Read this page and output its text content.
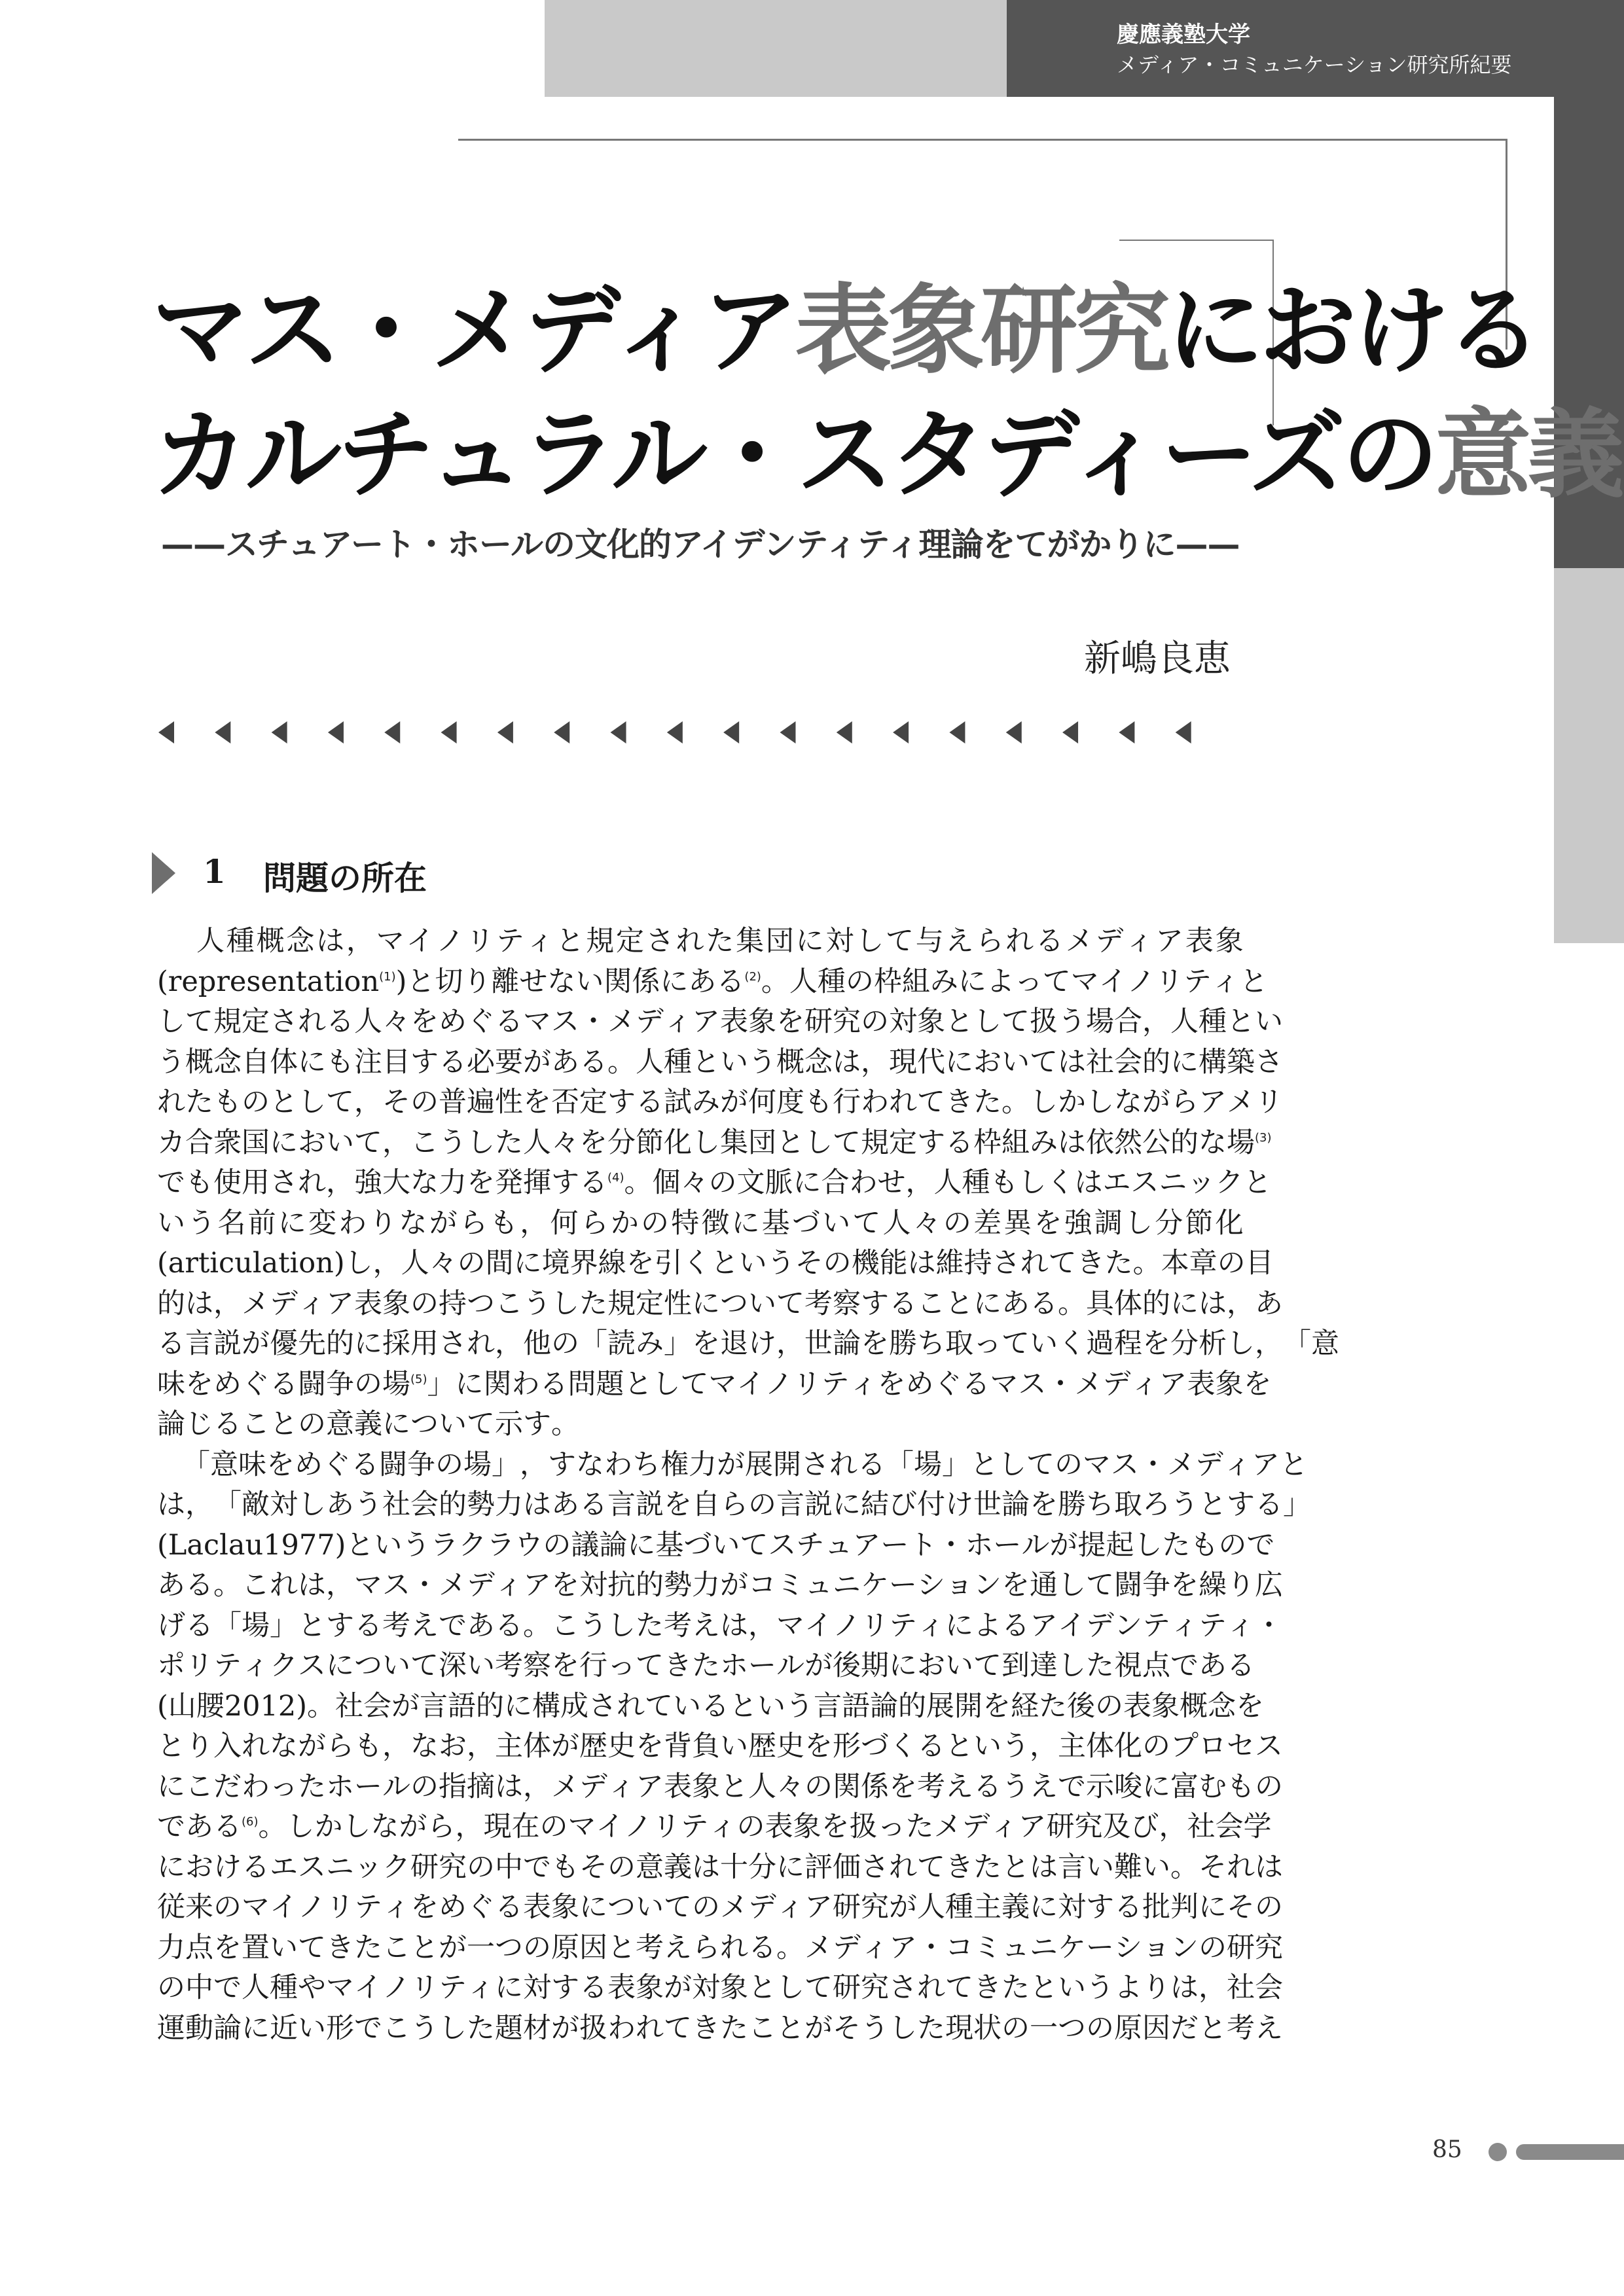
慶應義塾大学
メディア・コミュニケーション研究所紀要
マス・メディア表象研究における
カルチュラル・スタディーズの意義
——スチュアート・ホールの文化的アイデンティティ理論をてがかりに——
新嶋良恵
1 問題の所在
人 種 概 念 は ， マ イ ノ リ テ ィ と 規 定 さ れ た 集 団 に 対 し て 与 え ら れ る メ デ ィ ア 表 象
( r e p r e s e n t a t i o $n^{(1)}$ ) と 切 り 離 せ な い 関 係 に あ る$^{(2)}$ 。 人 種 の 枠 組 み に よ っ て マ イ ノ リ テ ィ と
し て 規 定 さ れ る 人 々 を め ぐ る マ ス ・ メ デ ィ ア 表 象 を 研 究 の 対 象 と し て 扱 う 場 合 ， 人 種 と い
う 概 念 自 体 に も 注 目 す る 必 要 が あ る 。 人 種 と い う 概 念 は ， 現 代 に お い て は 社 会 的 に 構 築 さ
れ た も の と し て ， そ の 普 遍 性 を 否 定 す る 試 み が 何 度 も 行 わ れ て き た 。 し か し な が ら ア メ リ
カ 合 衆 国 に お い て ， こ う し た 人 々 を 分 節 化 し 集 団 と し て 規 定 す る 枠 組 み は 依 然 公 的 な 場$^{(3)}$
で も 使 用 さ れ ， 強 大 な 力 を 発 揮 す る$^{(4)}$ 。 個 々 の 文 脈 に 合 わ せ ， 人 種 も し く は エ ス ニ ッ ク と
い う 名 前 に 変 わ り な が ら も ， 何 ら か の 特 徴 に 基 づ い て 人 々 の 差 異 を 強 調 し 分 節 化
( a r t i c u l a t i o n ) し ， 人 々 の 間 に 境 界 線 を 引 く と い う そ の 機 能 は 維 持 さ れ て き た 。 本 章 の 目
的 は ， メ デ ィ ア 表 象 の 持 つ こ う し た 規 定 性 に つ い て 考 察 す る こ と に あ る 。 具 体 的 に は ， あ
る 言 説 が 優 先 的 に 採 用 さ れ ， 他 の 「 読 み 」 を 退 け ， 世 論 を 勝 ち 取 っ て い く 過 程 を 分 析 し ， 「 意
味 を め ぐ る 闘 争 の 場$^{(5)}$ 」 に 関 わ る 問 題 と し て マ イ ノ リ テ ィ を め ぐ る マ ス ・ メ デ ィ ア 表 象 を
論 じ る こ と の 意 義 に つ い て 示 す 。
「 意 味 を め ぐ る 闘 争 の 場 」 ， す な わ ち 権 力 が 展 開 さ れ る 「 場 」 と し て の マ ス ・ メ デ ィ ア と
は ， 「 敵 対 し あ う 社 会 的 勢 力 は あ る 言 説 を 自 ら の 言 説 に 結 び 付 け 世 論 を 勝 ち 取 ろ う と す る 」
( L a c l a u 1 9 7 7 ) と い う ラ ク ラ ウ の 議 論 に 基 づ い て ス チ ュ ア ー ト ・ ホ ー ル が 提 起 し た も の で
あ る 。 こ れ は ， マ ス ・ メ デ ィ ア を 対 抗 的 勢 力 が コ ミ ュ ニ ケ ー シ ョ ン を 通 し て 闘 争 を 繰 り 広
げ る 「 場 」 と す る 考 え で あ る 。 こ う し た 考 え は ， マ イ ノ リ テ ィ に よ る ア イ デ ン テ ィ テ ィ ・
ポ リ テ ィ ク ス に つ い て 深 い 考 察 を 行 っ て き た ホ ー ル が 後 期 に お い て 到 達 し た 視 点 で あ る
( 山 腰 2 0 1 2 ) 。 社 会 が 言 語 的 に 構 成 さ れ て い る と い う 言 語 論 的 展 開 を 経 た 後 の 表 象 概 念 を
と り 入 れ な が ら も ， な お ， 主 体 が 歴 史 を 背 負 い 歴 史 を 形 づ く る と い う ， 主 体 化 の プ ロ セ ス
に こ だ わ っ た ホ ー ル の 指 摘 は ， メ デ ィ ア 表 象 と 人 々 の 関 係 を 考 え る う え で 示 唆 に 富 む も の
で あ る$^{(6)}$ 。 し か し な が ら ， 現 在 の マ イ ノ リ テ ィ の 表 象 を 扱 っ た メ デ ィ ア 研 究 及 び ， 社 会 学
に お け る エ ス ニ ッ ク 研 究 の 中 で も そ の 意 義 は 十 分 に 評 価 さ れ て き た と は 言 い 難 い 。 そ れ は
従 来 の マ イ ノ リ テ ィ を め ぐ る 表 象 に つ い て の メ デ ィ ア 研 究 が 人 種 主 義 に 対 す る 批 判 に そ の
力 点 を 置 い て き た こ と が 一 つ の 原 因 と 考 え ら れ る 。 メ デ ィ ア ・ コ ミ ュ ニ ケ ー シ ョ ン の 研 究
の 中 で 人 種 や マ イ ノ リ テ ィ に 対 す る 表 象 が 対 象 と し て 研 究 さ れ て き た と い う よ り は ， 社 会
運 動 論 に 近 い 形 で こ う し た 題 材 が 扱 わ れ て き た こ と が そ う し た 現 状 の 一 つ の 原 因 だ と 考 え
85
